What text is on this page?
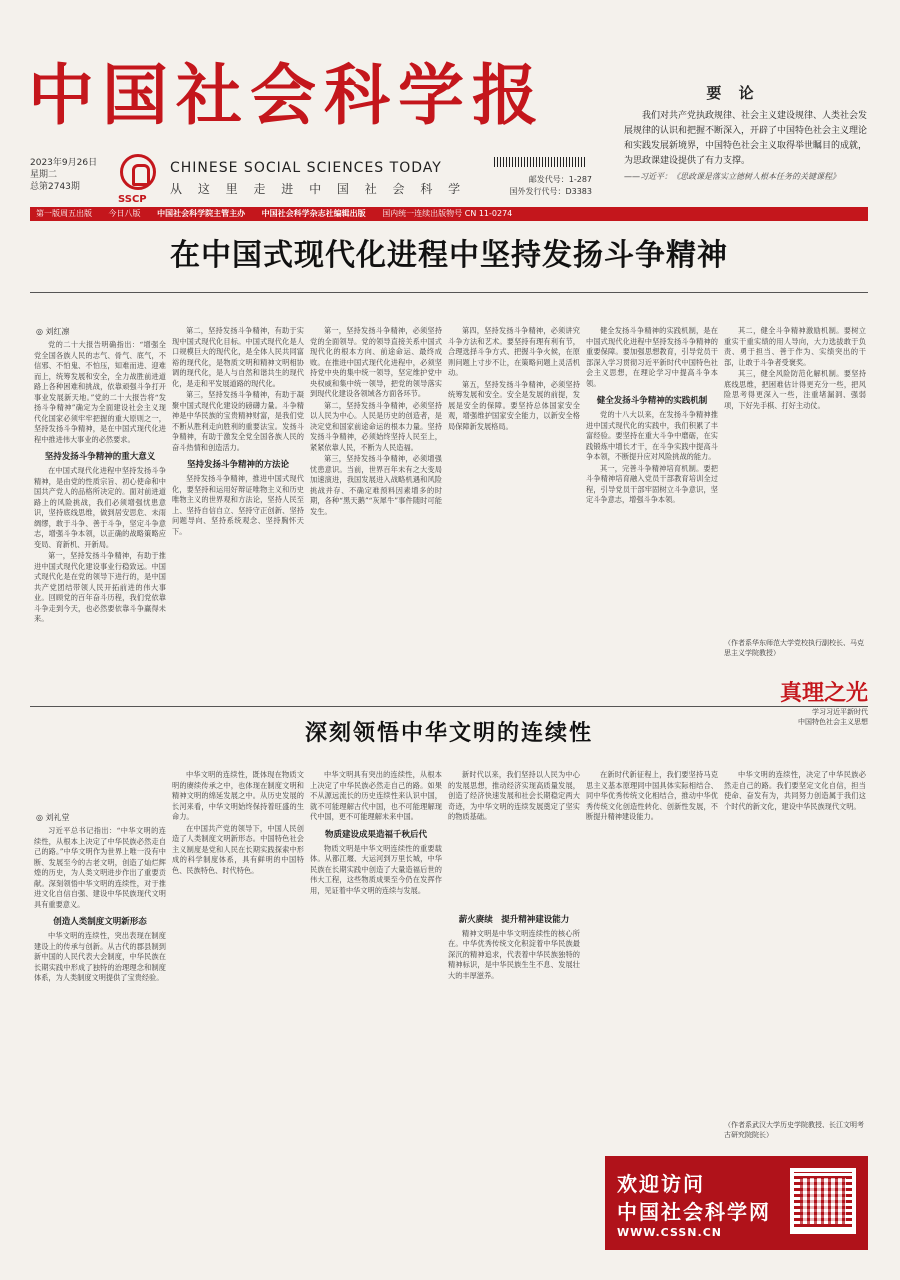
中国社会科学报
2023年9月26日
星期二
总第2743期
SSCP
CHINESE SOCIAL SCIENCES TODAY
从 这 里 走 进 中 国 社 会 科 学
邮发代号：1-287
国外发行代号：D3383
要 论
我们对共产党执政规律、社会主义建设规律、人类社会发展规律的认识和把握不断深入，开辟了中国特色社会主义理论和实践发展新境界，中国特色社会主义取得举世瞩目的成就，为思政课建设提供了有力支撑。
——习近平：《思政课是落实立德树人根本任务的关键课程》
第一版周五出版 今日八版 中国社会科学院主管主办 中国社会科学杂志社编辑出版 国内统一连续出版物号 CN 11-0274
在中国式现代化进程中坚持发扬斗争精神
◎ 刘红凛

党的二十大报告明确指出：“增强全党全国各族人民的志气、骨气、底气，不信邪、不怕鬼、不怕压，知难而进、迎难而上，统筹发展和安全，全力战胜前进道路上各种困难和挑战，依靠顽强斗争打开事业发展新天地。”党的二十大报告将“发扬斗争精神”确定为全面建设社会主义现代化国家必须牢牢把握的重大原则之一，坚持发扬斗争精神，是在中国式现代化进程中推进伟大事业的必然要求。

坚持发扬斗争精神的重大意义

在中国式现代化进程中坚持发扬斗争精神，是由党的性质宗旨、初心使命和中国共产党人的品格所决定的。面对前进道路上的风险挑战，我们必须增强忧患意识，坚持底线思维，做到居安思危、未雨绸缪，敢于斗争、善于斗争，坚定斗争意志，增强斗争本领，以正确的战略策略应变局、育新机、开新局。

第一，坚持发扬斗争精神，有助于推进中国式现代化建设事业行稳致远。中国式现代化是在党的领导下进行的，是中国共产党团结带领人民开拓前进的伟大事业。回顾党的百年奋斗历程，我们党依靠斗争走到今天，也必然要依靠斗争赢得未来。

第二，坚持发扬斗争精神，有助于实现中国式现代化目标。中国式现代化是人口规模巨大的现代化，是全体人民共同富裕的现代化，是物质文明和精神文明相协调的现代化，是人与自然和谐共生的现代化，是走和平发展道路的现代化。

第三，坚持发扬斗争精神，有助于凝聚中国式现代化建设的磅礴力量。斗争精神是中华民族的宝贵精神财富，是我们党不断从胜利走向胜利的重要法宝。发扬斗争精神，有助于激发全党全国各族人民的奋斗热情和创造活力。

坚持发扬斗争精神的方法论

坚持发扬斗争精神，推进中国式现代化，要坚持和运用好辩证唯物主义和历史唯物主义的世界观和方法论，坚持人民至上、坚持自信自立、坚持守正创新、坚持问题导向、坚持系统观念、坚持胸怀天下。

第一，坚持发扬斗争精神，必须坚持党的全面领导。党的领导直接关系中国式现代化的根本方向、前途命运、最终成败。在推进中国式现代化进程中，必须坚持党中央的集中统一领导，坚定维护党中央权威和集中统一领导，把党的领导落实到现代化建设各领域各方面各环节。

第二，坚持发扬斗争精神，必须坚持以人民为中心。人民是历史的创造者，是决定党和国家前途命运的根本力量。坚持发扬斗争精神，必须始终坚持人民至上，紧紧依靠人民，不断为人民造福。

第三，坚持发扬斗争精神，必须增强忧患意识。当前，世界百年未有之大变局加速演进，我国发展进入战略机遇和风险挑战并存、不确定难预料因素增多的时期，各种“黑天鹅”“灰犀牛”事件随时可能发生。

第四，坚持发扬斗争精神，必须讲究斗争方法和艺术。要坚持有理有利有节，合理选择斗争方式、把握斗争火候，在原则问题上寸步不让，在策略问题上灵活机动。

第五，坚持发扬斗争精神，必须坚持统筹发展和安全。安全是发展的前提，发展是安全的保障。要坚持总体国家安全观，增强维护国家安全能力，以新安全格局保障新发展格局。

健全发扬斗争精神的实践机制，是在中国式现代化进程中坚持发扬斗争精神的重要保障。要加强思想教育，引导党员干部深入学习贯彻习近平新时代中国特色社会主义思想，在理论学习中提高斗争本领。

健全发扬斗争精神的实践机制

党的十八大以来，在发扬斗争精神推进中国式现代化的实践中，我们积累了丰富经验。要坚持在重大斗争中磨砺，在实践锻炼中增长才干，在斗争实践中提高斗争本领，不断提升应对风险挑战的能力。

其一，完善斗争精神培育机制。要把斗争精神培育融入党员干部教育培训全过程，引导党员干部牢固树立斗争意识，坚定斗争意志，增强斗争本领。

其二，健全斗争精神激励机制。要树立重实干重实绩的用人导向，大力选拔敢于负责、勇于担当、善于作为、实绩突出的干部，让敢于斗争者受褒奖。

其三，健全风险防范化解机制。要坚持底线思维，把困难估计得更充分一些，把风险思考得更深入一些，注重堵漏洞、强弱项，下好先手棋、打好主动仗。

（作者系华东师范大学党校执行副校长、马克思主义学院教授）
真理之光
学习习近平新时代
中国特色社会主义思想
深刻领悟中华文明的连续性
◎ 刘礼堂

习近平总书记指出：“中华文明的连续性，从根本上决定了中华民族必然走自己的路。”中华文明作为世界上唯一没有中断、发展至今的古老文明，创造了灿烂辉煌的历史，为人类文明进步作出了重要贡献。深刻领悟中华文明的连续性，对于推进文化自信自强、建设中华民族现代文明具有重要意义。

创造人类制度文明新形态

中华文明的连续性，突出表现在制度建设上的传承与创新。从古代的郡县制到新中国的人民代表大会制度，中华民族在长期实践中形成了独特的治理理念和制度体系，为人类制度文明提供了宝贵经验。

中华文明的连续性，既体现在物质文明的赓续传承之中，也体现在制度文明和精神文明的绵延发展之中。从历史发展的长河来看，中华文明始终保持着旺盛的生命力。

在中国共产党的领导下，中国人民创造了人类制度文明新形态。中国特色社会主义制度是党和人民在长期实践探索中形成的科学制度体系，具有鲜明的中国特色、民族特色、时代特色。

中华文明具有突出的连续性，从根本上决定了中华民族必然走自己的路。如果不从源远流长的历史连续性来认识中国，就不可能理解古代中国，也不可能理解现代中国，更不可能理解未来中国。

物质建设成果造福千秋后代

物质文明是中华文明连续性的重要载体。从都江堰、大运河到万里长城，中华民族在长期实践中创造了大量造福后世的伟大工程，这些物质成果至今仍在发挥作用，见证着中华文明的连续与发展。

新时代以来，我们坚持以人民为中心的发展思想，推动经济实现高质量发展，创造了经济快速发展和社会长期稳定两大奇迹，为中华文明的连续发展奠定了坚实的物质基础。

薪火赓续　提升精神建设能力

精神文明是中华文明连续性的核心所在。中华优秀传统文化积淀着中华民族最深沉的精神追求，代表着中华民族独特的精神标识，是中华民族生生不息、发展壮大的丰厚滋养。

在新时代新征程上，我们要坚持马克思主义基本原理同中国具体实际相结合、同中华优秀传统文化相结合，推动中华优秀传统文化创造性转化、创新性发展，不断提升精神建设能力。

中华文明的连续性，决定了中华民族必然走自己的路。我们要坚定文化自信，担当使命、奋发有为，共同努力创造属于我们这个时代的新文化，建设中华民族现代文明。

（作者系武汉大学历史学院教授、长江文明考古研究院院长）
欢迎访问
中国社会科学网
WWW.CSSN.CN
